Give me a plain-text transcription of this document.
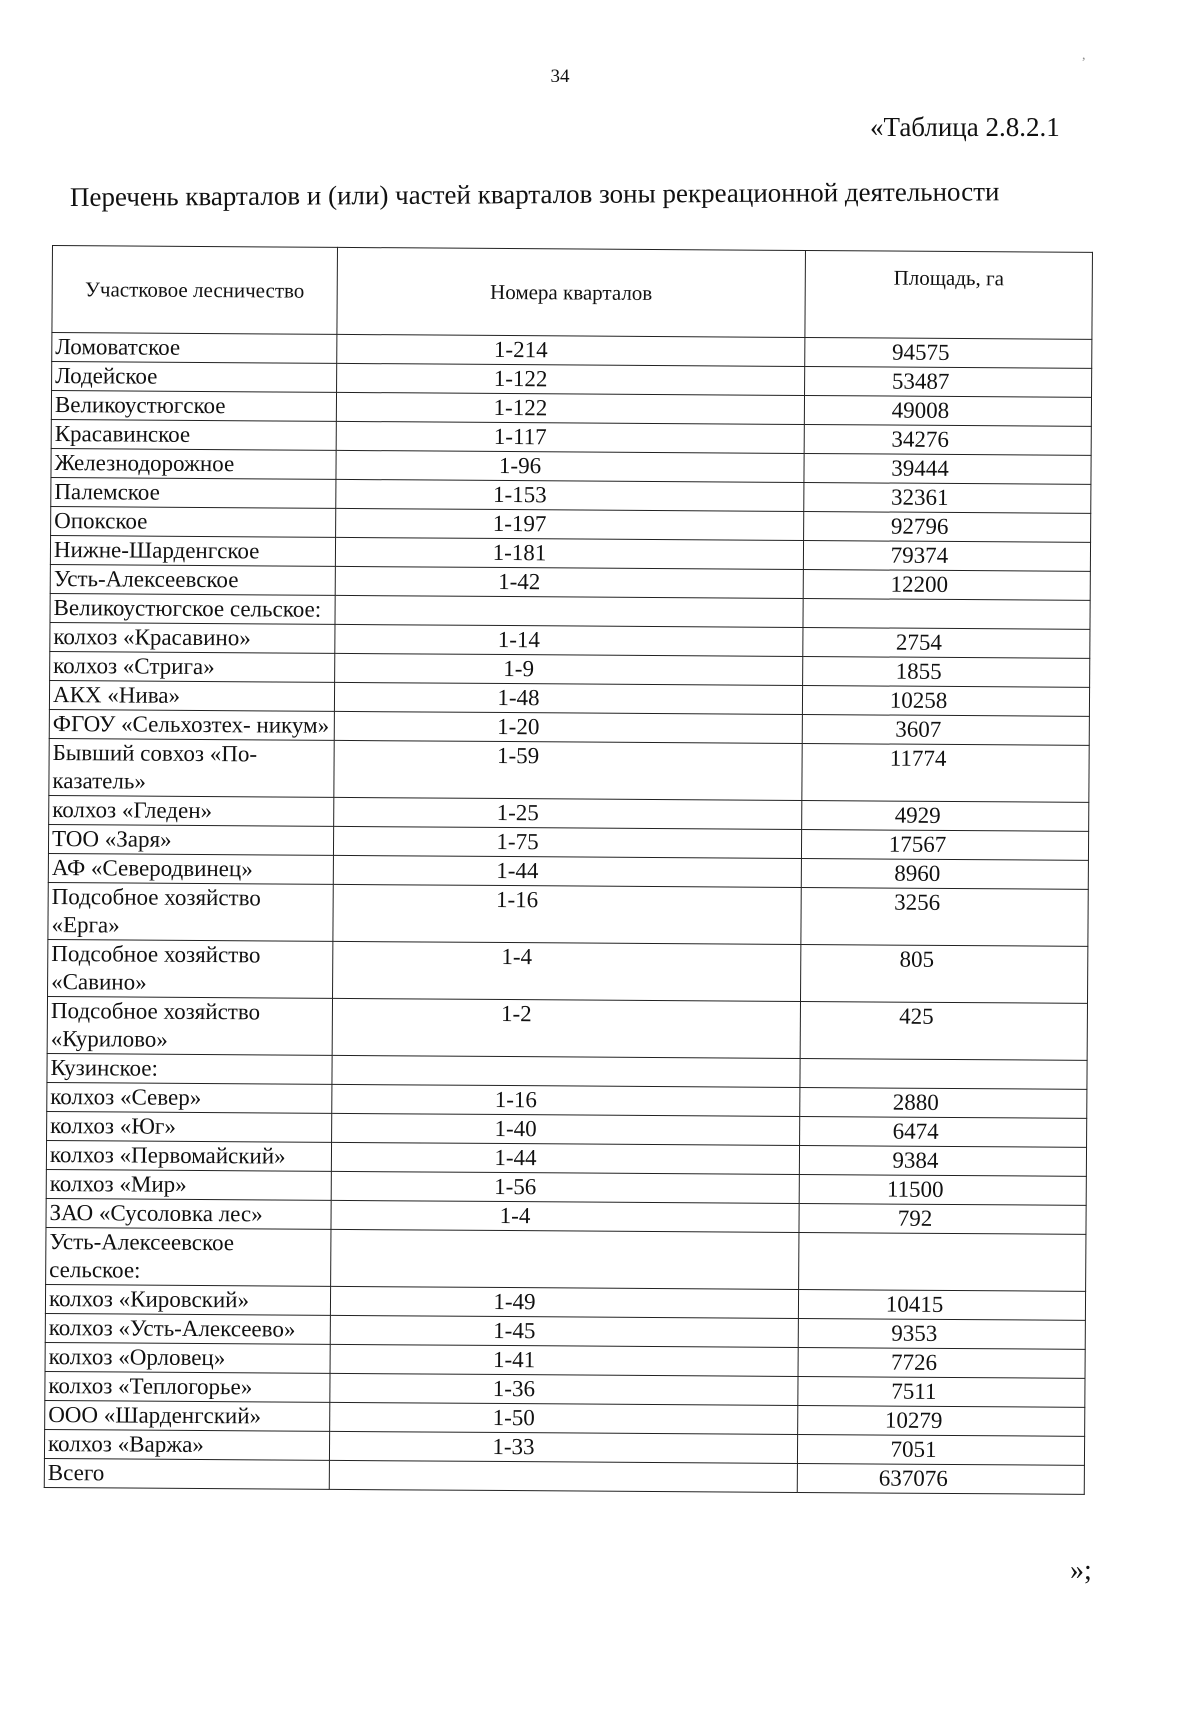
,
34
«Таблица 2.8.2.1
Перечень кварталов и (или) частей кварталов зоны рекреационной деятельности
Участковое лесничество	Номера кварталов	Площадь, га
Ломоватское	1-214	94575
Лодейское	1-122	53487
Великоустюгское	1-122	49008
Красавинское	1-117	34276
Железнодорожное	1-96	39444
Палемское	1-153	32361
Опокское	1-197	92796
Нижне-Шарденгское	1-181	79374
Усть-Алексеевское	1-42	12200
Великоустюгское сельское:		
колхоз «Красавино»	1-14	2754
колхоз «Стрига»	1-9	1855
АКХ «Нива»	1-48	10258
ФГОУ «Сельхозтех- никум»	1-20	3607
Бывший совхоз «По- казатель»	1-59	11774
колхоз «Гледен»	1-25	4929
ТОО «Заря»	1-75	17567
АФ «Северодвинец»	1-44	8960
Подсобное хозяйство «Ерга»	1-16	3256
Подсобное хозяйство «Савино»	1-4	805
Подсобное хозяйство «Курилово»	1-2	425
Кузинское:		
колхоз «Север»	1-16	2880
колхоз «Юг»	1-40	6474
колхоз «Первомайский»	1-44	9384
колхоз «Мир»	1-56	11500
ЗАО «Сусоловка лес»	1-4	792
Усть-Алексеевское сельское:		
колхоз «Кировский»	1-49	10415
колхоз «Усть-Алексеево»	1-45	9353
колхоз «Орловец»	1-41	7726
колхоз «Теплогорье»	1-36	7511
ООО «Шарденгский»	1-50	10279
колхоз «Варжа»	1-33	7051
Всего		637076
»;
